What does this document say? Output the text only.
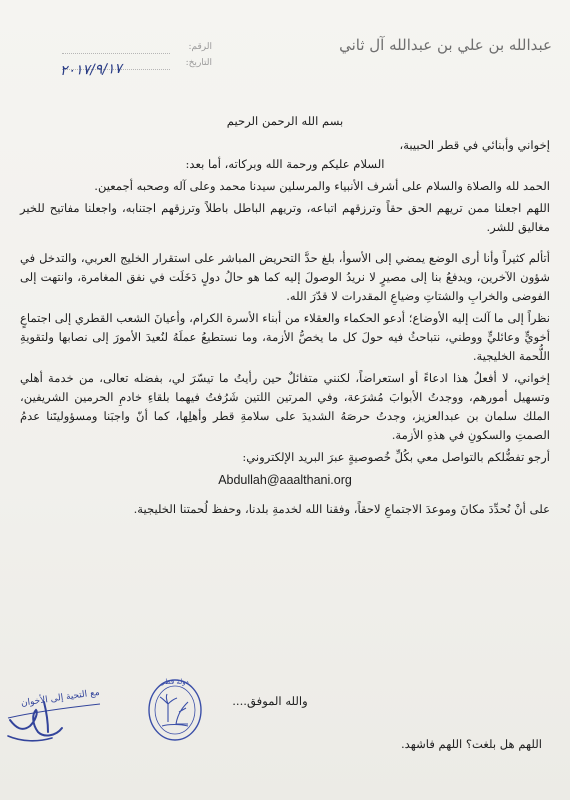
عبدالله بن علي بن عبدالله آل ثاني
الرقم:
التاريخ:
٢٠١٧/٩/١٧

بسم الله الرحمن الرحيم

إخواني وأبنائي في قطر الحبيبة،

السلام عليكم ورحمة الله وبركاته، أما بعد:

الحمد لله والصلاة والسلام على أشرف الأنبياء والمرسلين سيدنا محمد وعلى آله وصحبه أجمعين.

اللهم اجعلنا ممن تريهم الحق حقاً وترزقهم اتباعه، وتريهم الباطل باطلاً وترزقهم اجتنابه، واجعلنا مفاتيح للخير مغاليق للشر.

أتألم كثيراً وأنا أرى الوضع يمضي إلى الأسوأ، بلغ حدَّ التحريض المباشر على استقرار الخليج العربي، والتدخل في شؤون الآخرين، ويدفعُ بنا إلى مصيرٍ لا نريدُ الوصولَ إليه كما هو حالُ دولٍ دَخَلَت في نفق المغامرة، وانتهت إلى الفوضى والخرابِ والشتاتِ وضياعِ المقدرات لا قدّرَ الله.

نظراً إلى ما آلت إليه الأوضاع؛ أدعو الحكماء والعقلاء من أبناء الأسرة الكرام، وأعيانَ الشعب القطري إلى اجتماعٍ أخويٍّ وعائليٍّ ووطني، نتباحثُ فيه حولَ كل ما يخصُّ الأزمة، وما نستطيعُ عملَهُ لنُعيدَ الأمورَ إلى نصابها ولتقويةِ اللُّحمة الخليجية.

إخواني، لا أفعلُ هذا ادعاءً أو استعراضاً، لكنني متفائلٌ حين رأيتُ ما تيسّرَ لي، بفضله تعالى، من خدمة أهلي وتسهيل أمورهم، ووجدتُ الأبوابَ مُشرَعة، وفي المرتين اللتين شَرُفتُ فيهما بلقاءِ خادمِ الحرمين الشريفين، الملك سلمان بن عبدالعزيز، وجدتُ حرصَهُ الشديدَ على سلامةِ قطر وأهلِها، كما أنّ واجبَنا ومسؤوليتَنا عدمُ الصمتِ والسكونِ في هذهِ الأزمة.

أرجو تفضُّلكم بالتواصل معي بكُلِّ خُصوصيةٍ عبرَ البريد الإلكتروني:

Abdullah@aaalthani.org

على أنْ نُحدِّدَ مكانَ وموعدَ الاجتماعِ لاحقاً، وفقنا الله لخدمةِ بلدنا، وحفظ لُحمتنا الخليجية.

والله الموفق....
اللهم هل بلغت؟ اللهم فاشهد.
دولة قطر
مع التحية إلى الأخوان
